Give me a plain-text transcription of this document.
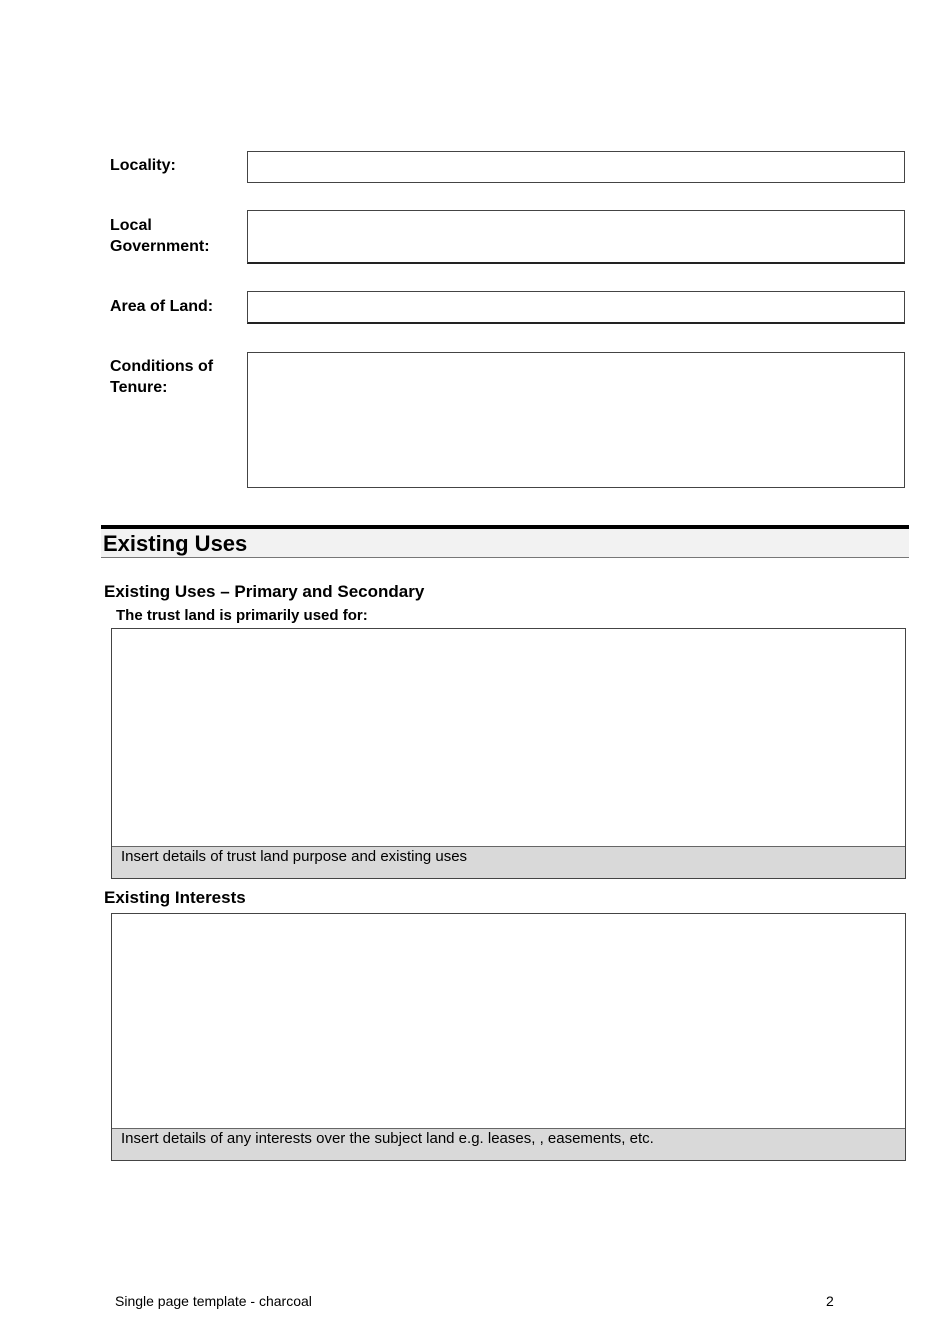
Locality:
Local
Government:
Area of Land:
Conditions of
Tenure:
Existing Uses
Existing Uses – Primary and Secondary
The trust land is primarily used for:
Insert details of trust land purpose and existing uses
Existing Interests
Insert details of any interests over the subject land e.g. leases, , easements, etc.
Single page template - charcoal	2
